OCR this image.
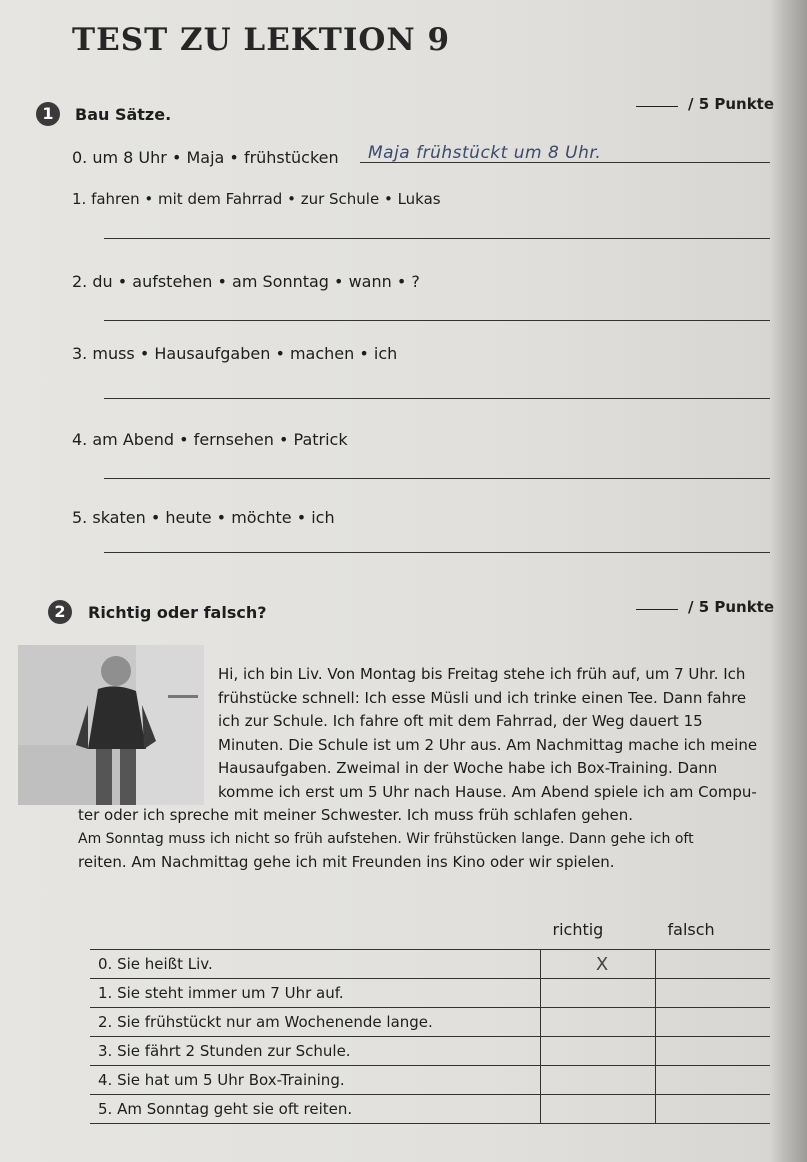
TEST ZU LEKTION 9
1	Bau Sätze.
/ 5 Punkte
0. um 8 Uhr • Maja • frühstücken Maja frühstückt um 8 Uhr.
1. fahren • mit dem Fahrrad • zur Schule • Lukas
2. du • aufstehen • am Sonntag • wann • ?
3. muss • Hausaufgaben • machen • ich
4. am Abend • fernsehen • Patrick
5. skaten • heute • möchte • ich
2	Richtig oder falsch?	/ 5 Punkte
Hi, ich bin Liv. Von Montag bis Freitag stehe ich früh auf, um 7 Uhr. Ich
frühstücke schnell: Ich esse Müsli und ich trinke einen Tee. Dann fahre
ich zur Schule. Ich fahre oft mit dem Fahrrad, der Weg dauert 15
Minuten. Die Schule ist um 2 Uhr aus. Am Nachmittag mache ich meine
Hausaufgaben. Zweimal in der Woche habe ich Box-Training. Dann
komme ich erst um 5 Uhr nach Hause. Am Abend spiele ich am Compu-
ter oder ich spreche mit meiner Schwester. Ich muss früh schlafen gehen.
Am Sonntag muss ich nicht so früh aufstehen. Wir frühstücken lange. Dann gehe ich oft
reiten. Am Nachmittag gehe ich mit Freunden ins Kino oder wir spielen.
	richtig	falsch
0. Sie heißt Liv.	X	
1. Sie steht immer um 7 Uhr auf.		
2. Sie frühstückt nur am Wochenende lange.		
3. Sie fährt 2 Stunden zur Schule.		
4. Sie hat um 5 Uhr Box-Training.		
5. Am Sonntag geht sie oft reiten.		
